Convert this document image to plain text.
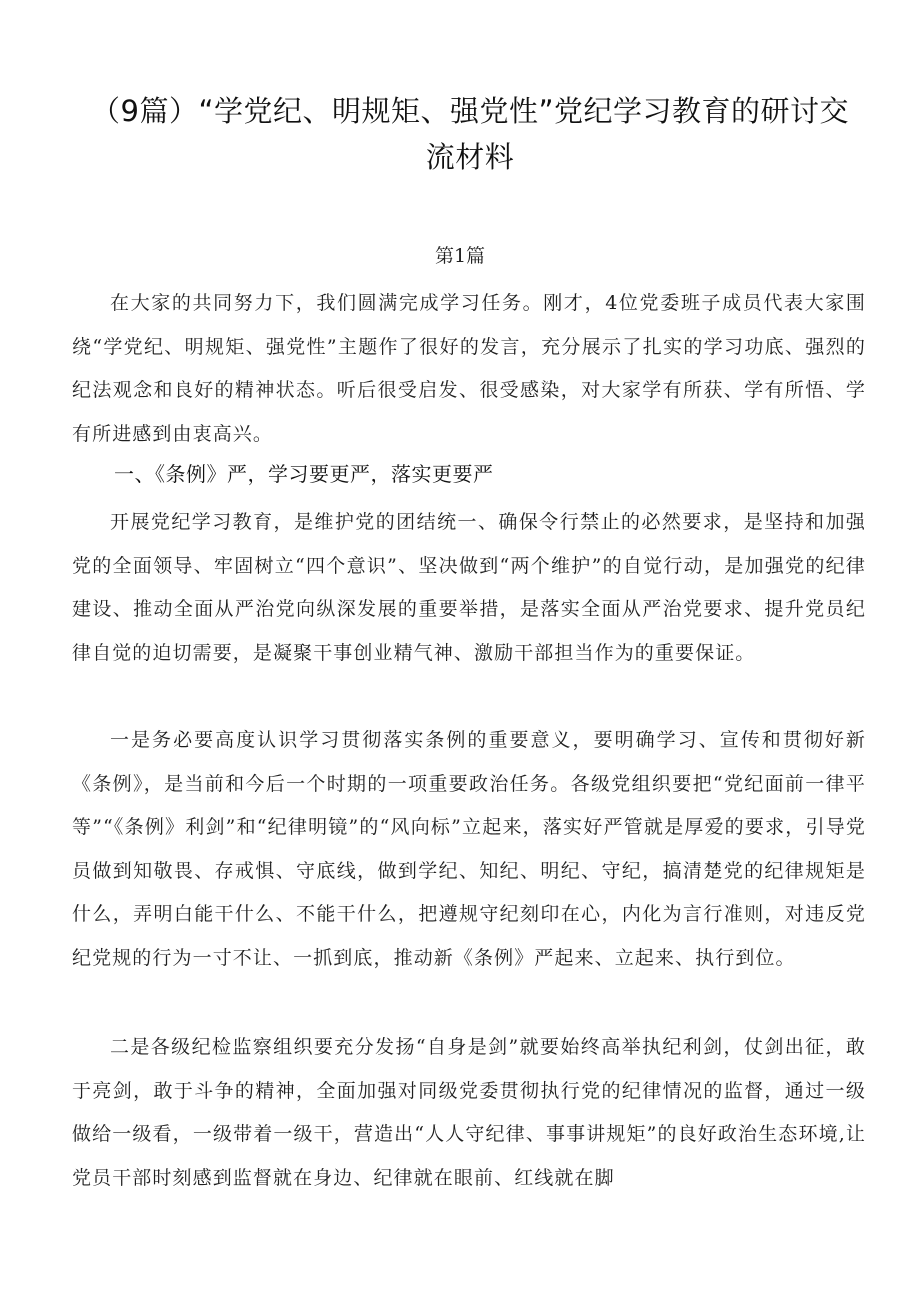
（9篇）“学党纪、明规矩、强党性”党纪学习教育的研讨交
流材料
第1篇

在大家的共同努力下，我们圆满完成学习任务。刚才，4位党委班子成员代表大家围绕“学党纪、明规矩、强党性”主题作了很好的发言，充分展示了扎实的学习功底、强烈的纪法观念和良好的精神状态。听后很受启发、很受感染，对大家学有所获、学有所悟、学有所进感到由衷高兴。

一、《条例》严，学习要更严，落实更要严

开展党纪学习教育，是维护党的团结统一、确保令行禁止的必然要求，是坚持和加强党的全面领导、牢固树立“四个意识”、坚决做到“两个维护”的自觉行动，是加强党的纪律建设、推动全面从严治党向纵深发展的重要举措，是落实全面从严治党要求、提升党员纪律自觉的迫切需要，是凝聚干事创业精气神、激励干部担当作为的重要保证。

一是务必要高度认识学习贯彻落实条例的重要意义，要明确学习、宣传和贯彻好新《条例》，是当前和今后一个时期的一项重要政治任务。各级党组织要把“党纪面前一律平等”“《条例》利剑”和“纪律明镜”的“风向标”立起来，落实好严管就是厚爱的要求，引导党员做到知敬畏、存戒惧、守底线，做到学纪、知纪、明纪、守纪，搞清楚党的纪律规矩是什么，弄明白能干什么、不能干什么，把遵规守纪刻印在心，内化为言行准则，对违反党纪党规的行为一寸不让、一抓到底，推动新《条例》严起来、立起来、执行到位。

二是各级纪检监察组织要充分发扬“自身是剑”就要始终高举执纪利剑，仗剑出征，敢于亮剑，敢于斗争的精神，全面加强对同级党委贯彻执行党的纪律情况的监督，通过一级做给一级看，一级带着一级干，营造出“人人守纪律、事事讲规矩”的良好政治生态环境,让党员干部时刻感到监督就在身边、纪律就在眼前、红线就在脚
